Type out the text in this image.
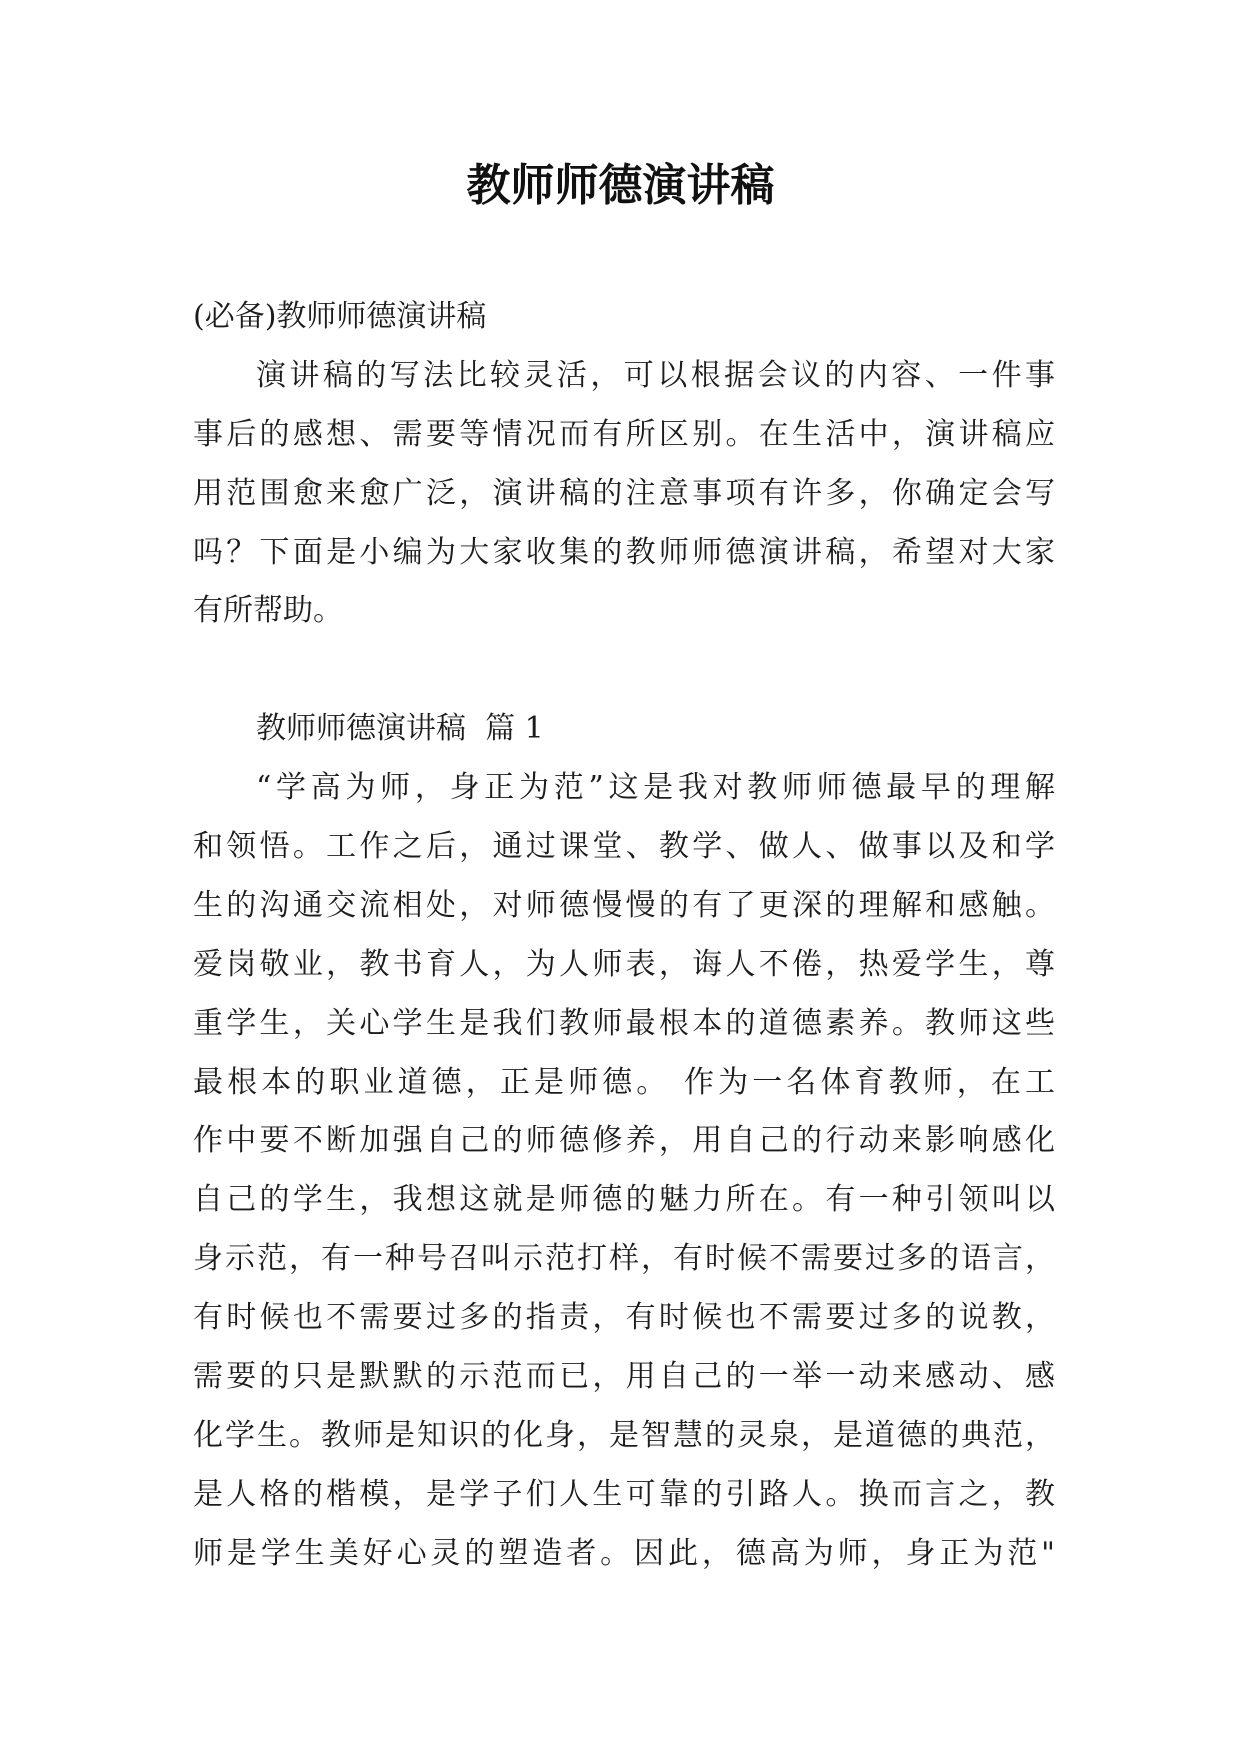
教师师德演讲稿
(必备)教师师德演讲稿
演讲稿的写法比较灵活，可以根据会议的内容、一件事
事后的感想、需要等情况而有所区别。在生活中，演讲稿应
用范围愈来愈广泛，演讲稿的注意事项有许多，你确定会写
吗？下面是小编为大家收集的教师师德演讲稿，希望对大家
有所帮助。
教师师德演讲稿  篇 1
“学高为师，身正为范”这是我对教师师德最早的理解
和领悟。工作之后，通过课堂、教学、做人、做事以及和学
生的沟通交流相处，对师德慢慢的有了更深的理解和感触。
爱岗敬业，教书育人，为人师表，诲人不倦，热爱学生，尊
重学生，关心学生是我们教师最根本的道德素养。教师这些
最根本的职业道德，正是师德。 作为一名体育教师，在工
作中要不断加强自己的师德修养，用自己的行动来影响感化
自己的学生，我想这就是师德的魅力所在。有一种引领叫以
身示范，有一种号召叫示范打样，有时候不需要过多的语言，
有时候也不需要过多的指责，有时候也不需要过多的说教，
需要的只是默默的示范而已，用自己的一举一动来感动、感
化学生。教师是知识的化身，是智慧的灵泉，是道德的典范，
是人格的楷模，是学子们人生可靠的引路人。换而言之，教
师是学生美好心灵的塑造者。因此，德高为师，身正为范"
